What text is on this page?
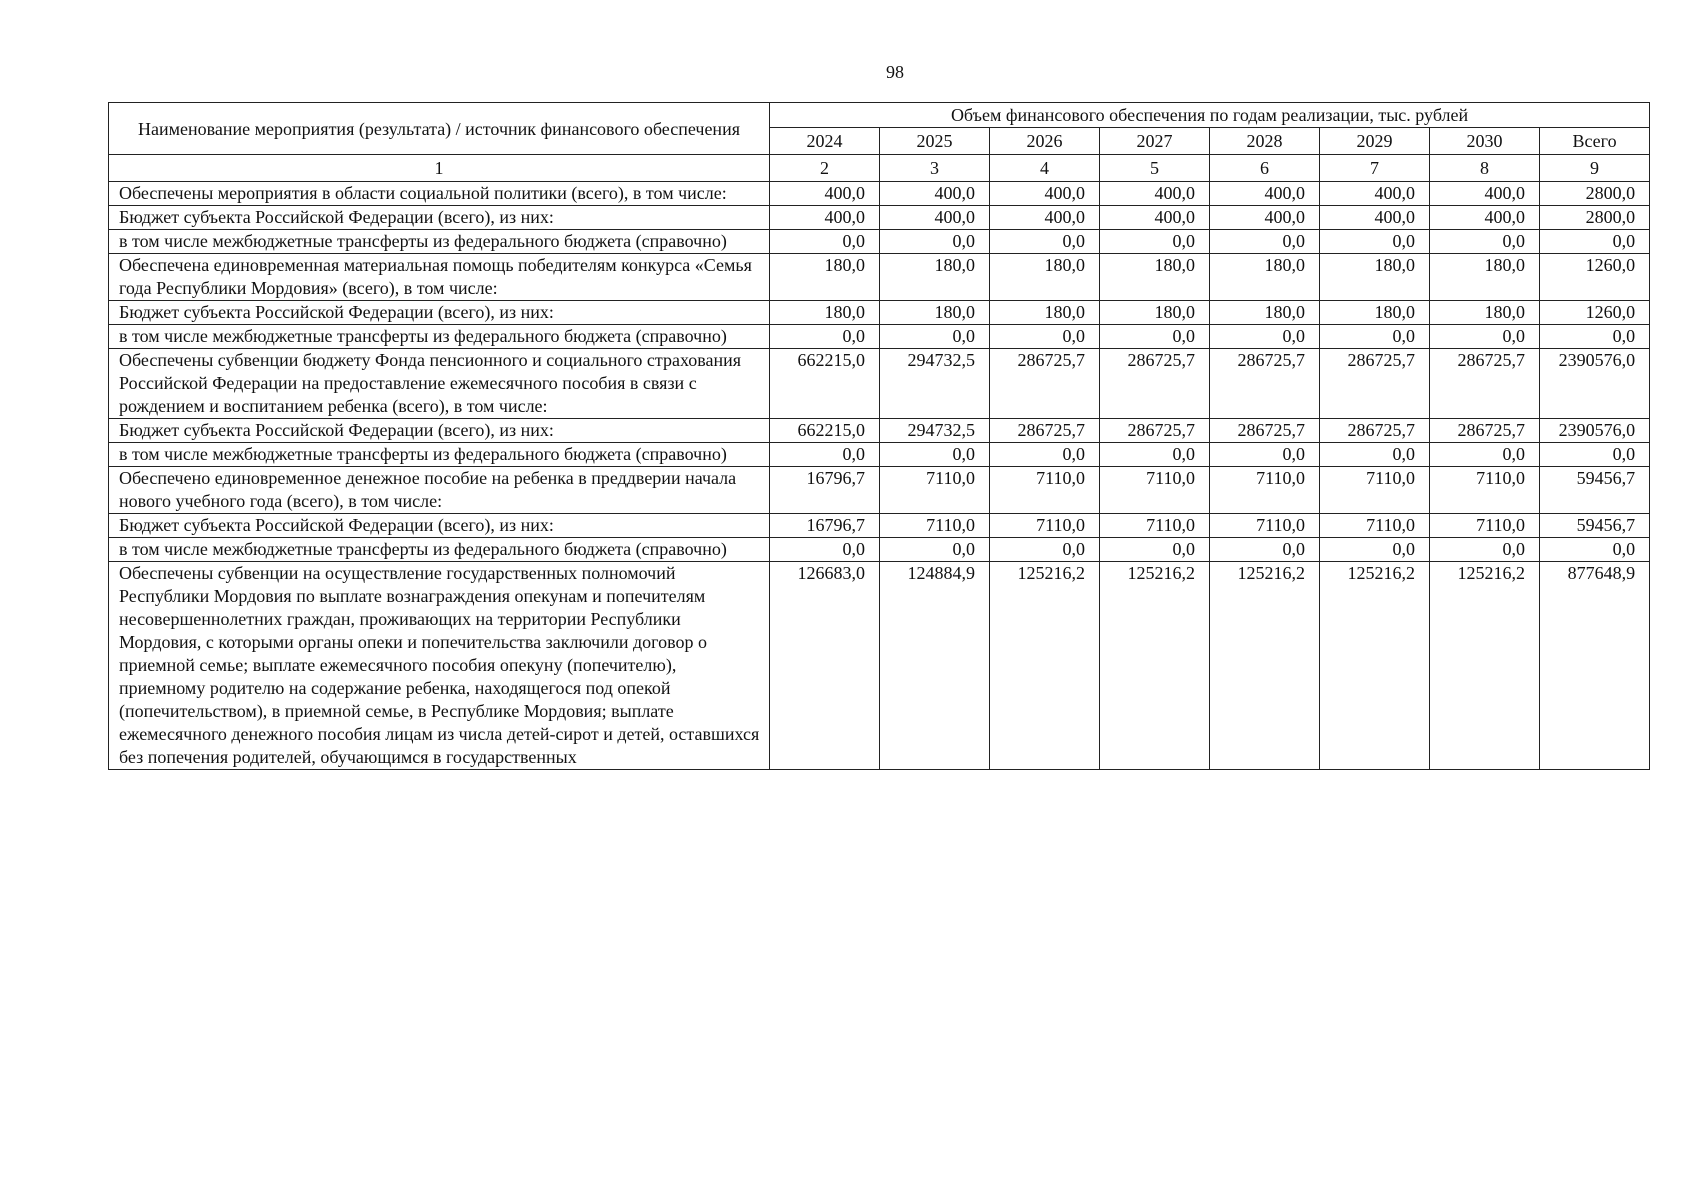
98
Наименование мероприятия (результата) / источник финансового обеспечения	Объем финансового обеспечения по годам реализации, тыс. рублей							
	2024	2025	2026	2027	2028	2029	2030	Всего
1	2	3	4	5	6	7	8	9
Обеспечены мероприятия в области социальной политики (всего), в том числе:	400,0	400,0	400,0	400,0	400,0	400,0	400,0	2800,0
Бюджет субъекта Российской Федерации (всего), из них:	400,0	400,0	400,0	400,0	400,0	400,0	400,0	2800,0
в том числе межбюджетные трансферты из федерального бюджета (справочно)	0,0	0,0	0,0	0,0	0,0	0,0	0,0	0,0
Обеспечена единовременная материальная помощь победителям конкурса «Семья года Республики Мордовия» (всего), в том числе:	180,0	180,0	180,0	180,0	180,0	180,0	180,0	1260,0
Бюджет субъекта Российской Федерации (всего), из них:	180,0	180,0	180,0	180,0	180,0	180,0	180,0	1260,0
в том числе межбюджетные трансферты из федерального бюджета (справочно)	0,0	0,0	0,0	0,0	0,0	0,0	0,0	0,0
Обеспечены субвенции бюджету Фонда пенсионного и социального страхования Российской Федерации на предоставление ежемесячного пособия в связи с рождением и воспитанием ребенка (всего), в том числе:	662215,0	294732,5	286725,7	286725,7	286725,7	286725,7	286725,7	2390576,0
Бюджет субъекта Российской Федерации (всего), из них:	662215,0	294732,5	286725,7	286725,7	286725,7	286725,7	286725,7	2390576,0
в том числе межбюджетные трансферты из федерального бюджета (справочно)	0,0	0,0	0,0	0,0	0,0	0,0	0,0	0,0
Обеспечено единовременное денежное пособие на ребенка в преддверии начала нового учебного года (всего), в том числе:	16796,7	7110,0	7110,0	7110,0	7110,0	7110,0	7110,0	59456,7
Бюджет субъекта Российской Федерации (всего), из них:	16796,7	7110,0	7110,0	7110,0	7110,0	7110,0	7110,0	59456,7
в том числе межбюджетные трансферты из федерального бюджета (справочно)	0,0	0,0	0,0	0,0	0,0	0,0	0,0	0,0
Обеспечены субвенции на осуществление государственных полномочий Республики Мордовия по выплате вознаграждения опекунам и попечителям несовершеннолетних граждан, проживающих на территории Республики Мордовия, с которыми органы опеки и попечительства заключили договор о приемной семье; выплате ежемесячного пособия опекуну (попечителю), приемному родителю на содержание ребенка, находящегося под опекой (попечительством), в приемной семье, в Республике Мордовия; выплате ежемесячного денежного пособия лицам из числа детей-сирот и детей, оставшихся без попечения родителей, обучающимся в государственных	126683,0	124884,9	125216,2	125216,2	125216,2	125216,2	125216,2	877648,9
